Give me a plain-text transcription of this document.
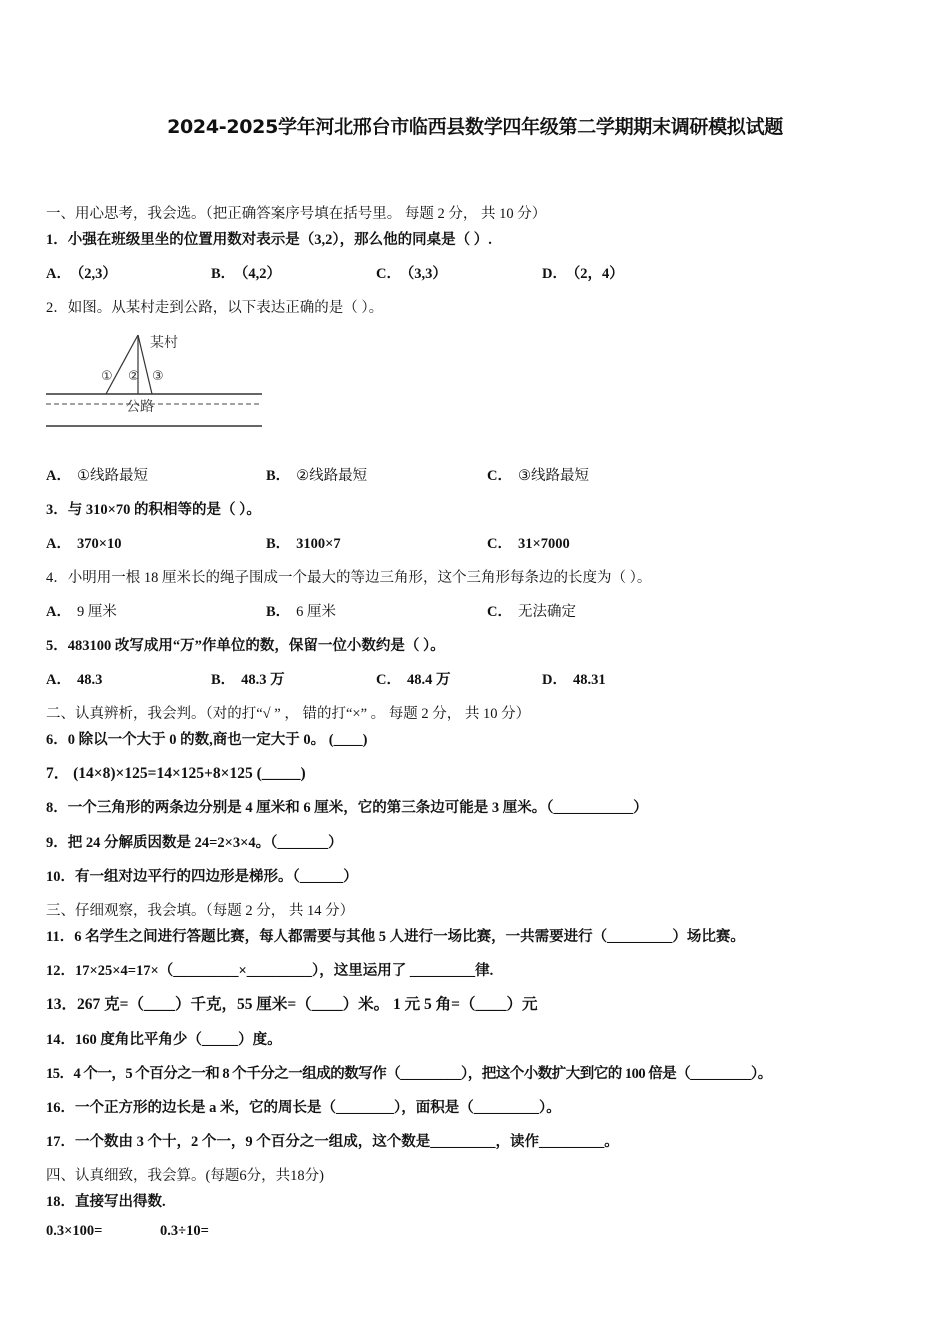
2024-2025学年河北邢台市临西县数学四年级第二学期期末调研模拟试题
一、用心思考，我会选。（把正确答案序号填在括号里。 每题 2 分， 共 10 分）
1．小强在班级里坐的位置用数对表示是（3,2），那么他的同桌是（ ）.
A． （2,3）	B． （4,2）	C． （3,3）	D． （2，4）
2．如图。从某村走到公路，以下表达正确的是（ ）。
某村
① ② ③
公路
A． ①线路最短	B． ②线路最短	C． ③线路最短
3．与 310×70 的积相等的是（ ）。
A． 370×10	B． 3100×7	C． 31×7000
4．小明用一根 18 厘米长的绳子围成一个最大的等边三角形，这个三角形每条边的长度为（ ）。
A． 9 厘米	B． 6 厘米	C． 无法确定
5．483100 改写成用“万”作单位的数，保留一位小数约是（ ）。
A． 48.3	B． 48.3 万	C． 48.4 万	D． 48.31
二、认真辨析，我会判。（对的打“√ ” ， 错的打“×” 。 每题 2 分， 共 10 分）
6．0 除以一个大于 0 的数,商也一定大于 0。 (____)
7． (14×8)×125=14×125+8×125 (_____)
8．一个三角形的两条边分别是 4 厘米和 6 厘米，它的第三条边可能是 3 厘米。（___________）
9．把 24 分解质因数是 24=2×3×4。（_______）
10．有一组对边平行的四边形是梯形。（______）
三、仔细观察，我会填。（每题 2 分， 共 14 分）
11．6 名学生之间进行答题比赛，每人都需要与其他 5 人进行一场比赛，一共需要进行（_________）场比赛。
12．17×25×4=17×（_________×_________），这里运用了 _________律.
13．267 克=（____）千克，55 厘米=（____）米。 1 元 5 角=（____）元
14．160 度角比平角少（_____）度。
15．4 个一，5 个百分之一和 8 个千分之一组成的数写作（_________），把这个小数扩大到它的 100 倍是（_________）。
16．一个正方形的边长是 a 米，它的周长是（________），面积是（_________）。
17．一个数由 3 个十，2 个一，9 个百分之一组成，这个数是_________，读作_________。
四、认真细致，我会算。(每题6分，共18分)
18．直接写出得数.
0.3×100=	0.3÷10=
